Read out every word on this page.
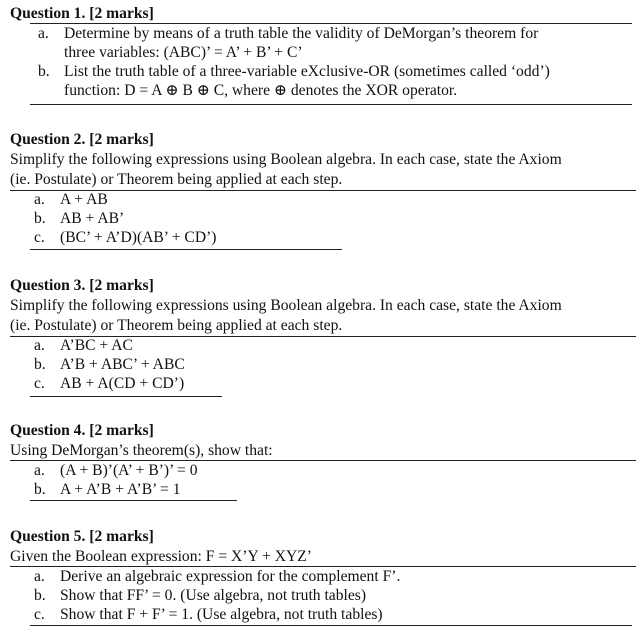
Question 1. [2 marks]
a. Determine by means of a truth table the validity of DeMorgan’s theorem for
three variables: (ABC)’ = A’ + B’ + C’
b. List the truth table of a three-variable eXclusive-OR (sometimes called ‘odd’)
function: D = A ⊕ B ⊕ C, where ⊕ denotes the XOR operator.
Question 2. [2 marks]
Simplify the following expressions using Boolean algebra. In each case, state the Axiom
(ie. Postulate) or Theorem being applied at each step.
a. A + AB
b. AB + AB’
c. (BC’ + A’D)(AB’ + CD’)
Question 3. [2 marks]
Simplify the following expressions using Boolean algebra. In each case, state the Axiom
(ie. Postulate) or Theorem being applied at each step.
a. A’BC + AC
b. A’B + ABC’ + ABC
c. AB + A(CD + CD’)
Question 4. [2 marks]
Using DeMorgan’s theorem(s), show that:
a. (A + B)’(A’ + B’)’ = 0
b. A + A’B + A’B’ = 1
Question 5. [2 marks]
Given the Boolean expression: F = X’Y + XYZ’
a. Derive an algebraic expression for the complement F’.
b. Show that FF’ = 0. (Use algebra, not truth tables)
c. Show that F + F’ = 1. (Use algebra, not truth tables)
